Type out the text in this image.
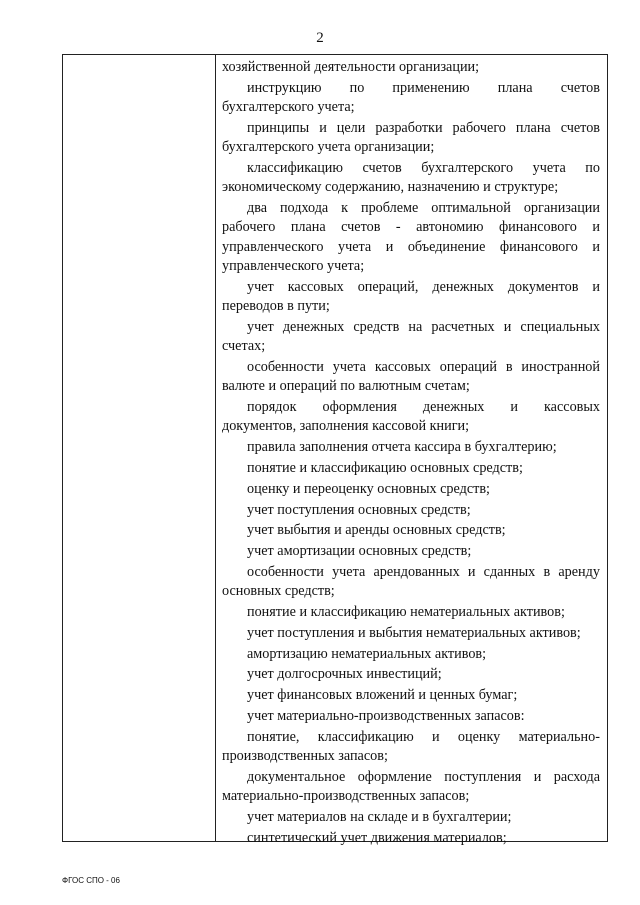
2
хозяйственной деятельности организации;
инструкцию по применению плана счетов
бухгалтерского учета;
принципы и цели разработки рабочего плана счетов
бухгалтерского учета организации;
классификацию счетов бухгалтерского учета по
экономическому содержанию, назначению и структуре;
два подхода к проблеме оптимальной организации
рабочего плана счетов - автономию финансового и
управленческого учета и объединение финансового и
управленческого учета;
учет кассовых операций, денежных документов и
переводов в пути;
учет денежных средств на расчетных и специальных
счетах;
особенности учета кассовых операций в иностранной
валюте и операций по валютным счетам;
порядок оформления денежных и кассовых
документов, заполнения кассовой книги;
правила заполнения отчета кассира в бухгалтерию;
понятие и классификацию основных средств;
оценку и переоценку основных средств;
учет поступления основных средств;
учет выбытия и аренды основных средств;
учет амортизации основных средств;
особенности учета арендованных и сданных в аренду
основных средств;
понятие и классификацию нематериальных активов;
учет поступления и выбытия нематериальных активов;
амортизацию нематериальных активов;
учет долгосрочных инвестиций;
учет финансовых вложений и ценных бумаг;
учет материально-производственных запасов:
понятие, классификацию и оценку материально-
производственных запасов;
документальное оформление поступления и расхода
материально-производственных запасов;
учет материалов на складе и в бухгалтерии;
синтетический учет движения материалов;
ФГОС СПО - 06
